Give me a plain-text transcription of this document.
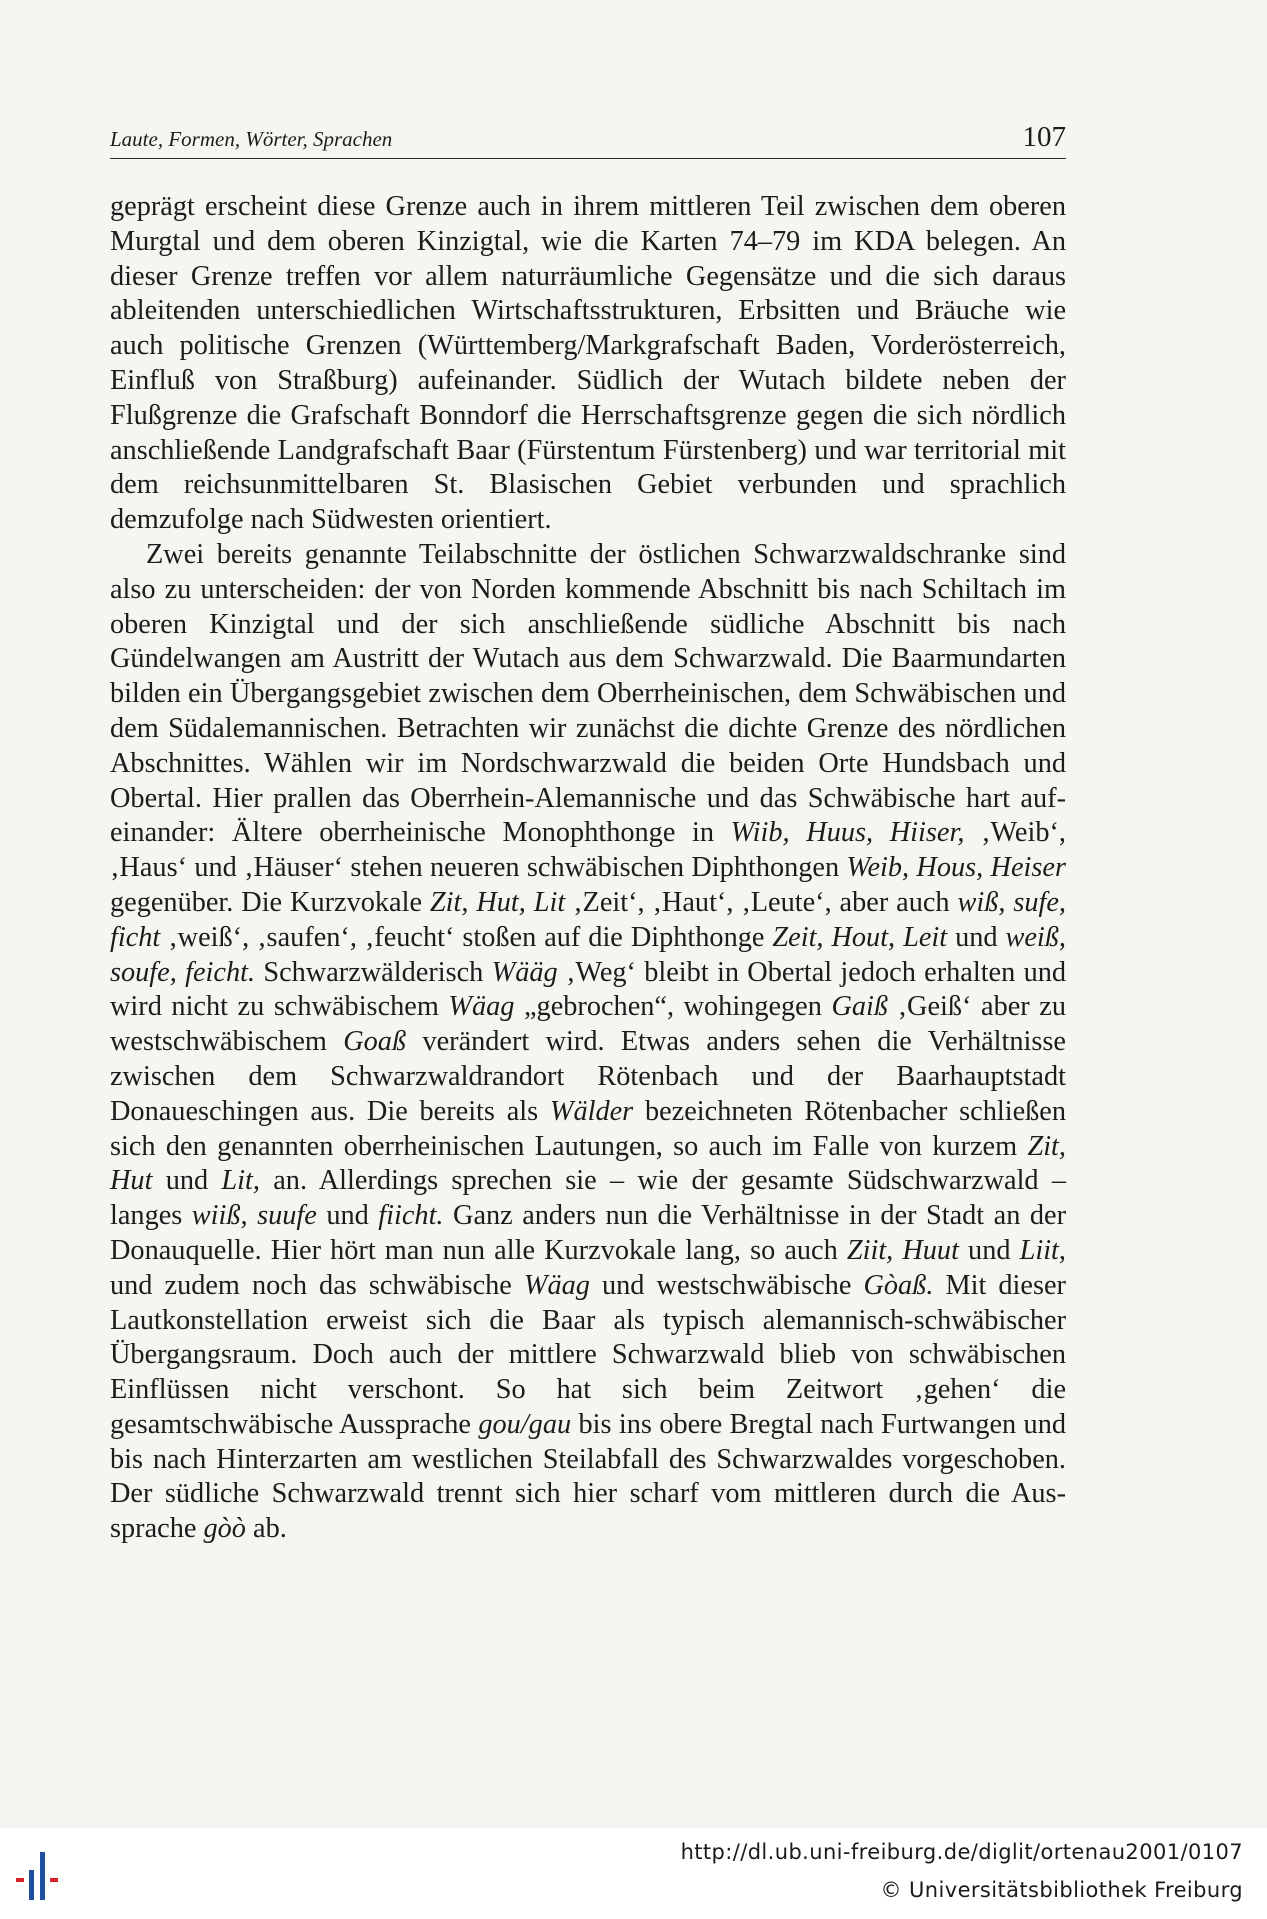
Laute, Formen, Wörter, Sprachen	107

geprägt erscheint diese Grenze auch in ihrem mittleren Teil zwischen dem oberen Murgtal und dem oberen Kinzigtal, wie die Karten 74–79 im KDA belegen. An dieser Grenze treffen vor allem naturräumliche Gegensätze und die sich daraus ableitenden unterschiedlichen Wirtschaftsstrukturen, Erbsitten und Bräuche wie auch politische Grenzen (Württemberg/Markgrafschaft Baden, Vorderösterreich, Einfluß von Straßburg) aufeinander. Südlich der Wutach bildete neben der Flußgrenze die Grafschaft Bonndorf die Herrschaftsgrenze gegen die sich nördlich anschließende Landgrafschaft Baar (Fürstentum Fürstenberg) und war territorial mit dem reichsunmittelbaren St. Blasischen Gebiet verbunden und sprachlich demzufolge nach Südwesten orientiert.

Zwei bereits genannte Teilabschnitte der östlichen Schwarzwaldschranke sind also zu unterscheiden: der von Norden kommende Abschnitt bis nach Schiltach im oberen Kinzigtal und der sich anschließende südliche Abschnitt bis nach Gündelwangen am Austritt der Wutach aus dem Schwarzwald. Die Baarmundarten bilden ein Übergangsgebiet zwischen dem Oberrheinischen, dem Schwäbischen und dem Südalemannischen. Betrachten wir zunächst die dichte Grenze des nördlichen Abschnittes. Wählen wir im Nordschwarzwald die beiden Orte Hundsbach und Obertal. Hier prallen das Oberrhein-Alemannische und das Schwäbische hart aufeinander: Ältere oberrheinische Monophthonge in Wiib, Huus, Hiiser, ‚Weib‘, ‚Haus‘ und ‚Häuser‘ stehen neueren schwäbischen Diphthongen Weib, Hous, Heiser gegenüber. Die Kurzvokale Zit, Hut, Lit ‚Zeit‘, ‚Haut‘, ‚Leute‘, aber auch wiß, sufe, ficht ‚weiß‘, ‚saufen‘, ‚feucht‘ stoßen auf die Diphthonge Zeit, Hout, Leit und weiß, soufe, feicht. Schwarzwälderisch Wääg ‚Weg‘ bleibt in Obertal jedoch erhalten und wird nicht zu schwäbischem Wäag „gebrochen“, wohingegen Gaiß ‚Geiß‘ aber zu westschwäbischem Goaß verändert wird. Etwas anders sehen die Verhältnisse zwischen dem Schwarzwaldrandort Rötenbach und der Baarhauptstadt Donaueschingen aus. Die bereits als Wälder bezeichneten Rötenbacher schließen sich den genannten oberrheinischen Lautungen, so auch im Falle von kurzem Zit, Hut und Lit, an. Allerdings sprechen sie – wie der gesamte Südschwarzwald – langes wiiß, suufe und fiicht. Ganz anders nun die Verhältnisse in der Stadt an der Donauquelle. Hier hört man nun alle Kurzvokale lang, so auch Ziit, Huut und Liit, und zudem noch das schwäbische Wäag und westschwäbische Gòaß. Mit dieser Lautkonstellation erweist sich die Baar als typisch alemannisch-schwäbischer Übergangsraum. Doch auch der mittlere Schwarzwald blieb von schwäbischen Einflüssen nicht verschont. So hat sich beim Zeitwort ‚gehen‘ die gesamtschwäbische Aussprache gou/gau bis ins obere Bregtal nach Furtwangen und bis nach Hinterzarten am westlichen Steilabfall des Schwarzwaldes vorgeschoben. Der südliche Schwarzwald trennt sich hier scharf vom mittleren durch die Aussprache gòò ab.

http://dl.ub.uni-freiburg.de/diglit/ortenau2001/0107
© Universitätsbibliothek Freiburg
